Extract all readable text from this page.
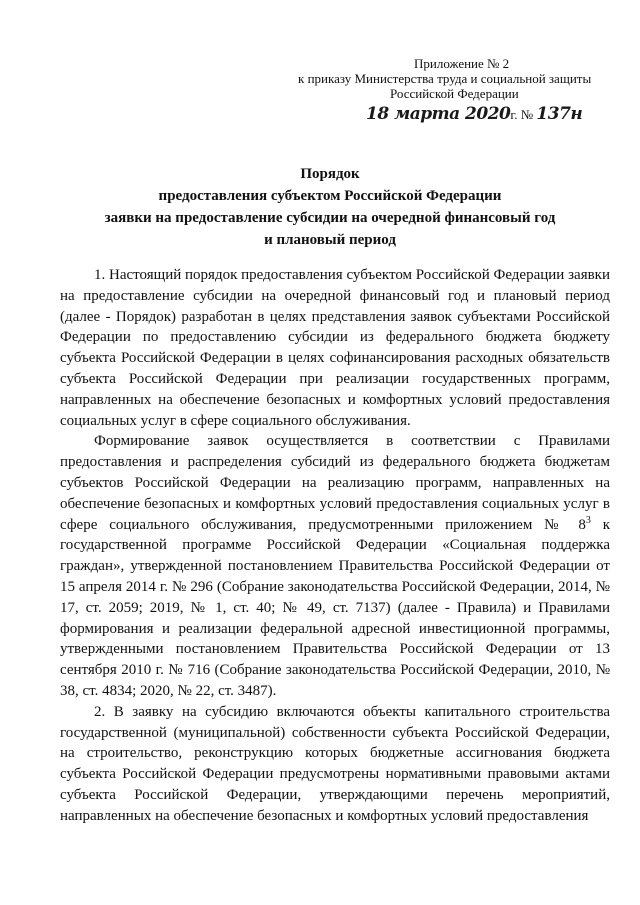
Приложение № 2
к приказу Министерства труда и социальной защиты
Российской Федерации
18 марта 2020г. № 137н
Порядок
предоставления субъектом Российской Федерации
заявки на предоставление субсидии на очередной финансовый год
и плановый период

1. Настоящий порядок предоставления субъектом Российской Федерации заявки на предоставление субсидии на очередной финансовый год и плановый период (далее - Порядок) разработан в целях представления заявок субъектами Российской Федерации по предоставлению субсидии из федерального бюджета бюджету субъекта Российской Федерации в целях софинансирования расходных обязательств субъекта Российской Федерации при реализации государственных программ, направленных на обеспечение безопасных и комфортных условий предоставления социальных услуг в сфере социального обслуживания.

Формирование заявок осуществляется в соответствии с Правилами предоставления и распределения субсидий из федерального бюджета бюджетам субъектов Российской Федерации на реализацию программ, направленных на обеспечение безопасных и комфортных условий предоставления социальных услуг в сфере социального обслуживания, предусмотренными приложением № $8^3$ к государственной программе Российской Федерации «Социальная поддержка граждан», утвержденной постановлением Правительства Российской Федерации от 15 апреля 2014 г. № 296 (Собрание законодательства Российской Федерации, 2014, № 17, ст. 2059; 2019, № 1, ст. 40; № 49, ст. 7137) (далее - Правила) и Правилами формирования и реализации федеральной адресной инвестиционной программы, утвержденными постановлением Правительства Российской Федерации от 13 сентября 2010 г. № 716 (Собрание законодательства Российской Федерации, 2010, № 38, ст. 4834; 2020, № 22, ст. 3487).

2. В заявку на субсидию включаются объекты капитального строительства государственной (муниципальной) собственности субъекта Российской Федерации, на строительство, реконструкцию которых бюджетные ассигнования бюджета субъекта Российской Федерации предусмотрены нормативными правовыми актами субъекта Российской Федерации, утверждающими перечень мероприятий, направленных на обеспечение безопасных и комфортных условий предоставления
